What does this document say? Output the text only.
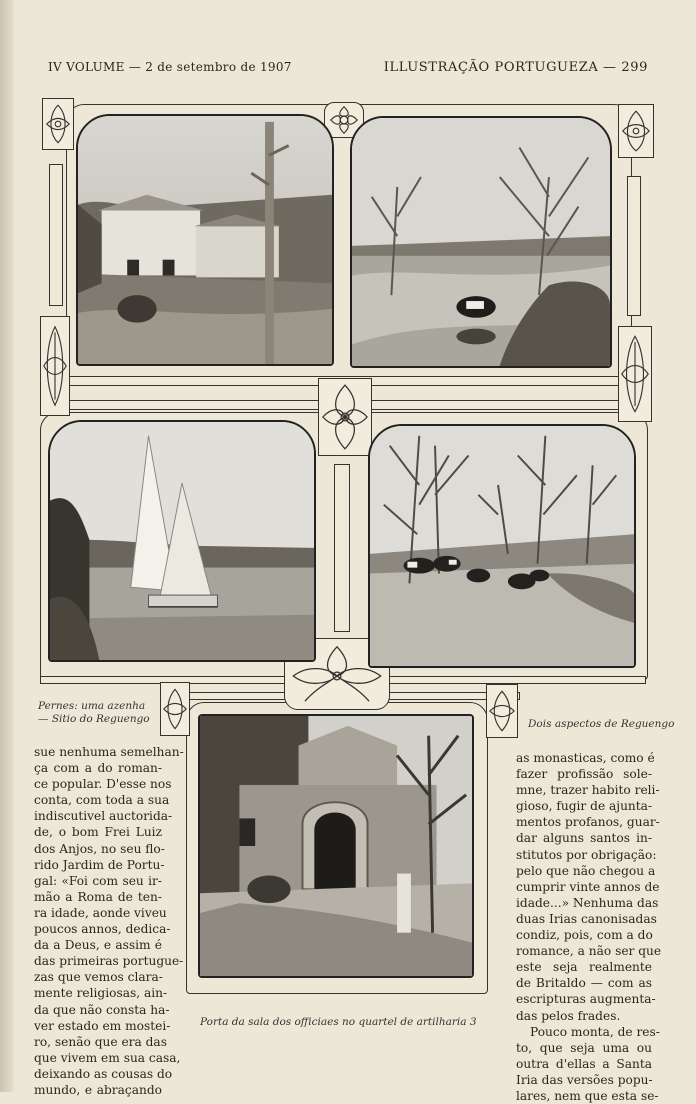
IV VOLUME — 2 de setembro de 1907	ILLUSTRAÇÃO PORTUGUEZA — 299
Pernes: uma azenha
— Sitio do Reguengo	Dois aspectos de Reguengo
Porta da sala dos officiaes no quartel de artilharia 3
sue nenhuma semelhan-
ça com a do roman-
ce popular. D'esse nos
conta, com toda a sua
indiscutivel auctorida-
de, o bom Frei Luiz
dos Anjos, no seu flo-
rido Jardim de Portu-
gal: «Foi com seu ir-
mão a Roma de ten-
ra idade, aonde viveu
poucos annos, dedica-
da a Deus, e assim é
das primeiras portugue-
zas que vemos clara-
mente religiosas, ain-
da que não consta ha-
ver estado em mostei-
ro, senão que era das
que vivem em sua casa,
deixando as cousas do
mundo, e abraçando
as monasticas, como é
fazer profissão sole-
mne, trazer habito reli-
gioso, fugir de ajunta-
mentos profanos, guar-
dar alguns santos in-
stitutos por obrigação:
pelo que não chegou a
cumprir vinte annos de
idade...» Nenhuma das
duas Irias canonisadas
condiz, pois, com a do
romance, a não ser que
este seja realmente
de Britaldo — com as
escripturas augmenta-
das pelos frades.
Pouco monta, de res-
to, que seja uma ou
outra d'ellas a Santa
Iria das versões popu-
lares, nem que esta se-
